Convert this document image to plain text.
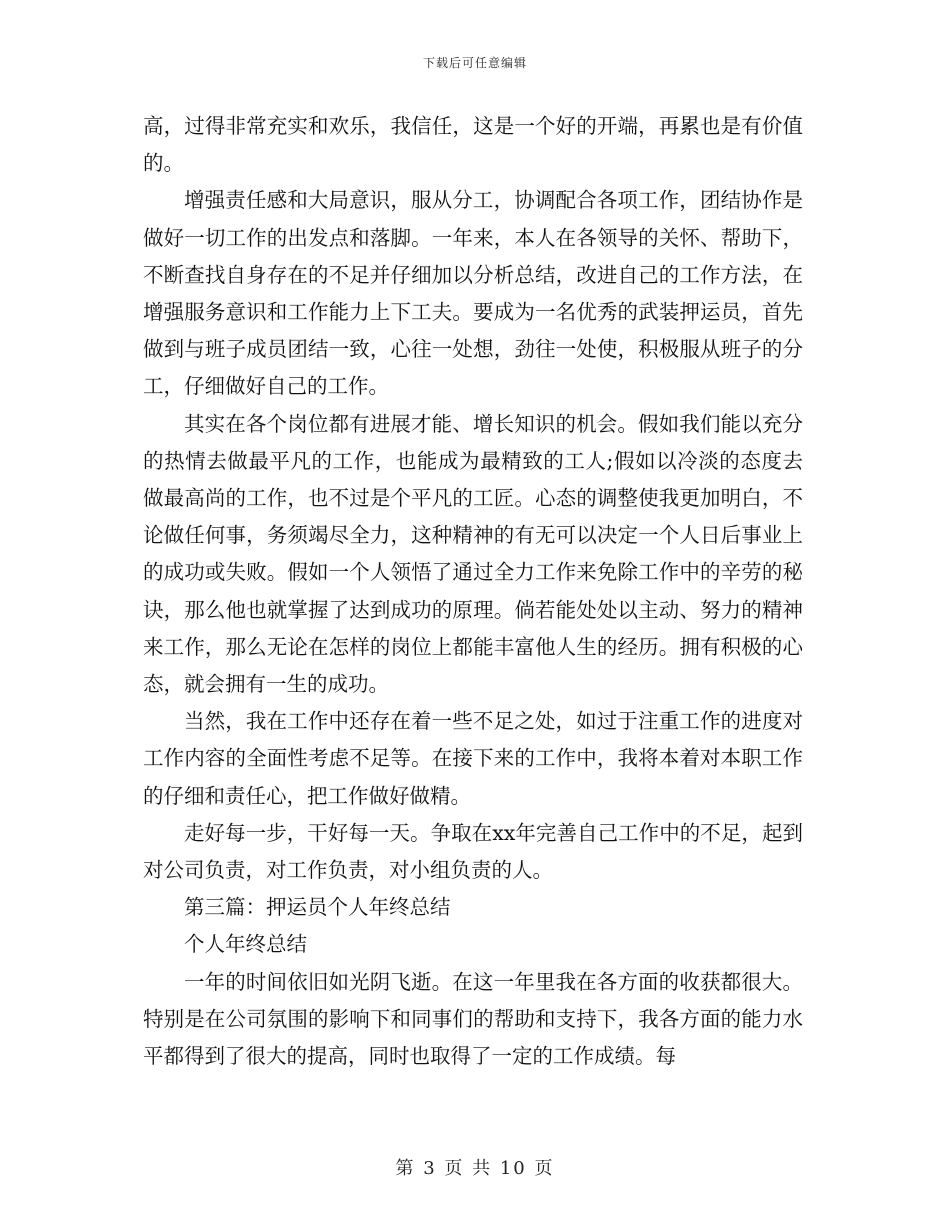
下载后可任意编辑

高，过得非常充实和欢乐，我信任，这是一个好的开端，再累也是有价值的。

增强责任感和大局意识，服从分工，协调配合各项工作，团结协作是做好一切工作的出发点和落脚。一年来，本人在各领导的关怀、帮助下，不断查找自身存在的不足并仔细加以分析总结，改进自己的工作方法，在增强服务意识和工作能力上下工夫。要成为一名优秀的武装押运员，首先做到与班子成员团结一致，心往一处想，劲往一处使，积极服从班子的分工，仔细做好自己的工作。

其实在各个岗位都有进展才能、增长知识的机会。假如我们能以充分的热情去做最平凡的工作，也能成为最精致的工人;假如以冷淡的态度去做最高尚的工作，也不过是个平凡的工匠。心态的调整使我更加明白，不论做任何事，务须竭尽全力，这种精神的有无可以决定一个人日后事业上的成功或失败。假如一个人领悟了通过全力工作来免除工作中的辛劳的秘诀，那么他也就掌握了达到成功的原理。倘若能处处以主动、努力的精神来工作，那么无论在怎样的岗位上都能丰富他人生的经历。拥有积极的心态，就会拥有一生的成功。

当然，我在工作中还存在着一些不足之处，如过于注重工作的进度对工作内容的全面性考虑不足等。在接下来的工作中，我将本着对本职工作的仔细和责任心，把工作做好做精。

走好每一步，干好每一天。争取在xx年完善自己工作中的不足，起到对公司负责，对工作负责，对小组负责的人。

第三篇：押运员个人年终总结

个人年终总结

一年的时间依旧如光阴飞逝。在这一年里我在各方面的收获都很大。特别是在公司氛围的影响下和同事们的帮助和支持下，我各方面的能力水平都得到了很大的提高，同时也取得了一定的工作成绩。每

第 3 页 共 10 页
